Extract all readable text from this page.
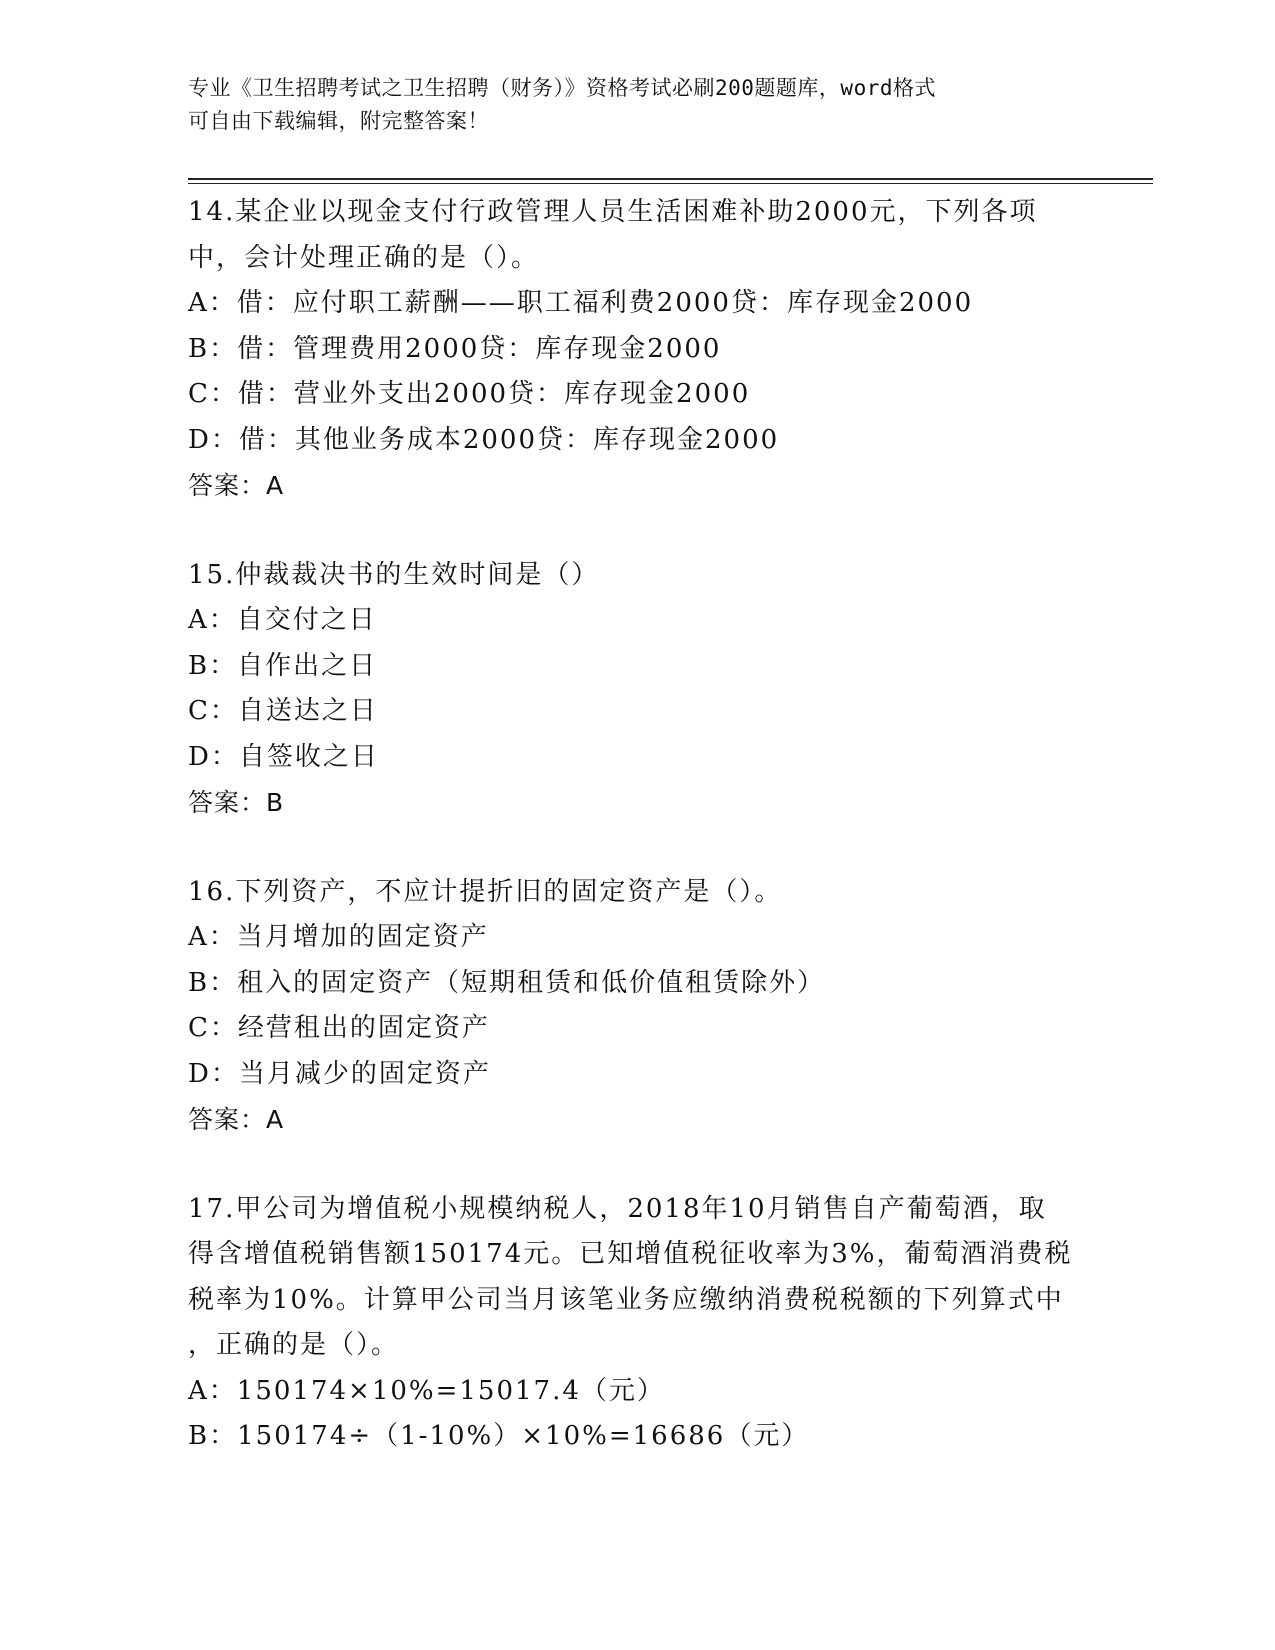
专业《卫生招聘考试之卫生招聘（财务）》资格考试必刷200题题库，word格式
可自由下载编辑，附完整答案！
14.某企业以现金支付行政管理人员生活困难补助2000元，下列各项
中，会计处理正确的是（）。
A：借：应付职工薪酬——职工福利费2000贷：库存现金2000
B：借：管理费用2000贷：库存现金2000
C：借：营业外支出2000贷：库存现金2000
D：借：其他业务成本2000贷：库存现金2000
答案：A
15.仲裁裁决书的生效时间是（）
A：自交付之日
B：自作出之日
C：自送达之日
D：自签收之日
答案：B
16.下列资产，不应计提折旧的固定资产是（）。
A：当月增加的固定资产
B：租入的固定资产（短期租赁和低价值租赁除外）
C：经营租出的固定资产
D：当月减少的固定资产
答案：A
17.甲公司为增值税小规模纳税人，2018年10月销售自产葡萄酒，取
得含增值税销售额150174元。已知增值税征收率为3%，葡萄酒消费税
税率为10%。计算甲公司当月该笔业务应缴纳消费税税额的下列算式中
，正确的是（）。
A：150174×10%=15017.4（元）
B：150174÷（1-10%）×10%=16686（元）
